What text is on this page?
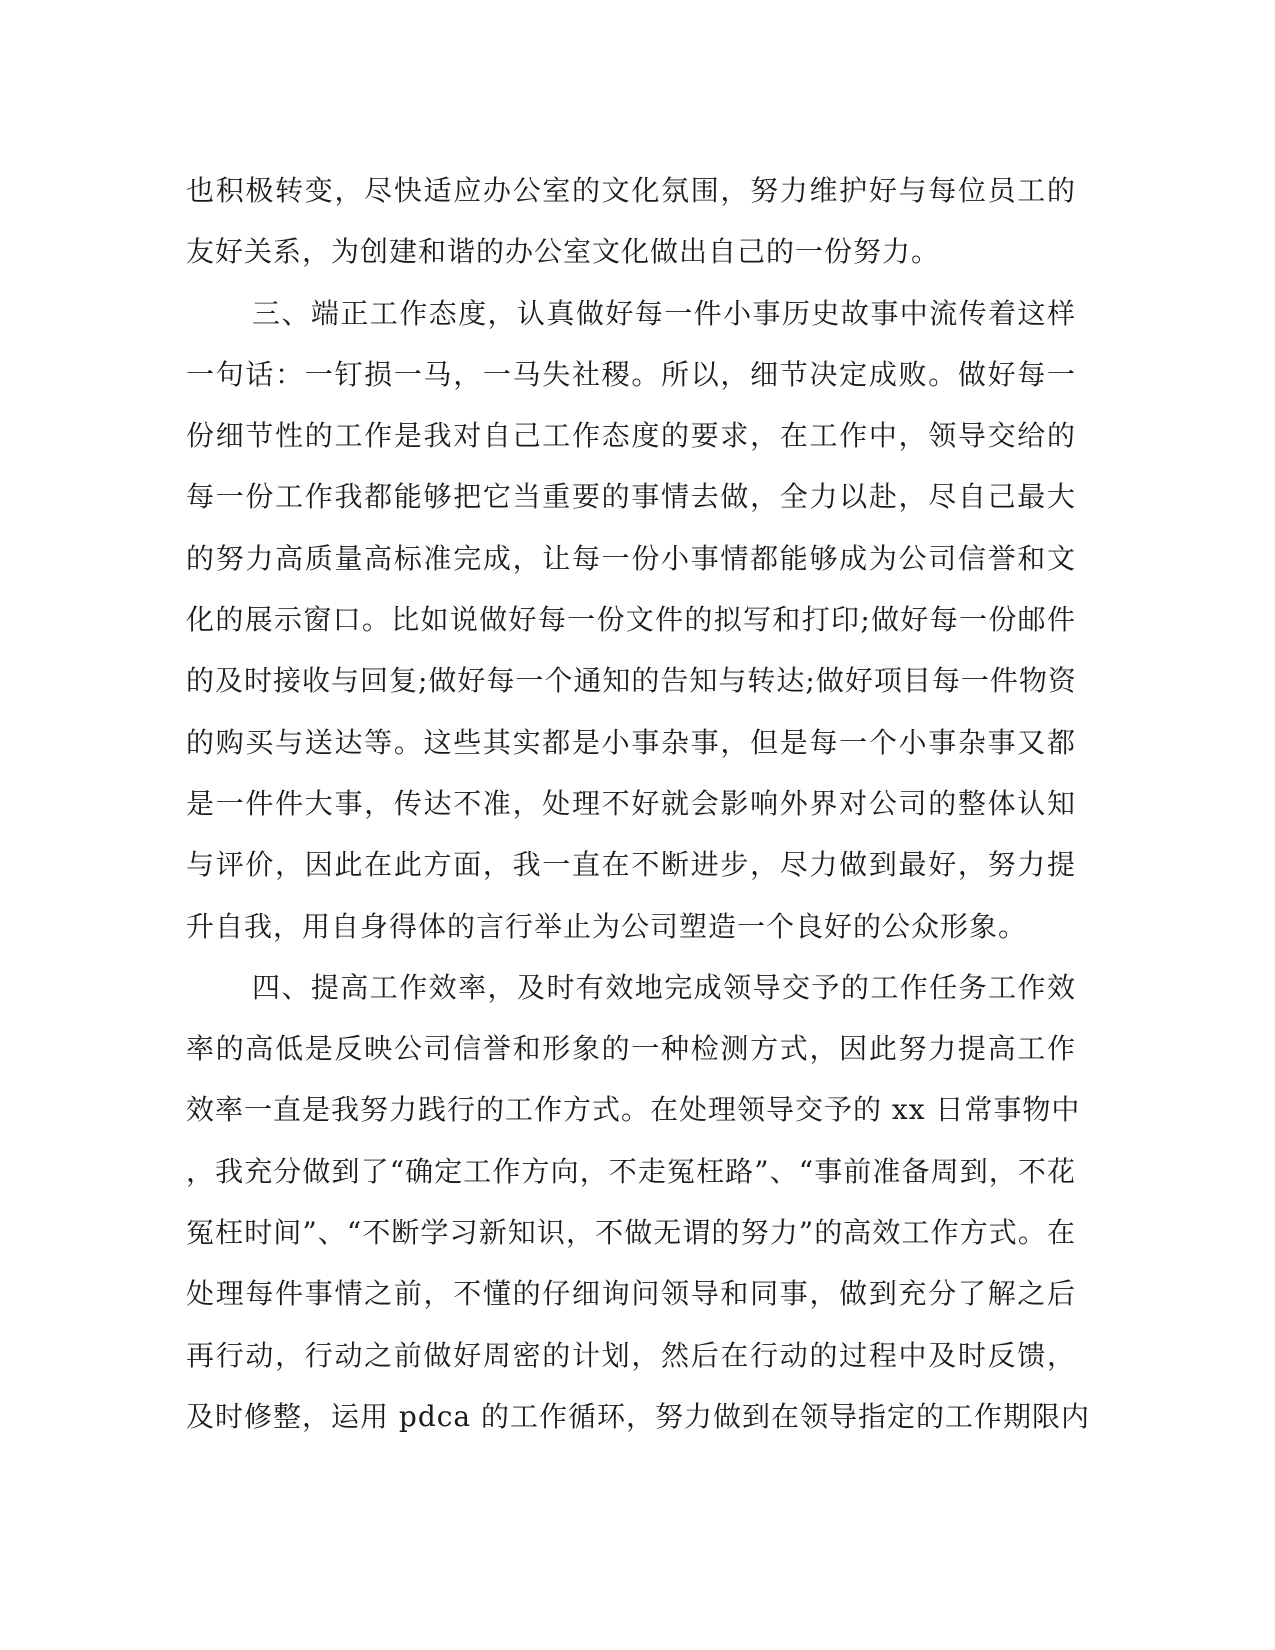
也积极转变，尽快适应办公室的文化氛围，努力维护好与每位员工的
友好关系，为创建和谐的办公室文化做出自己的一份努力。
三、端正工作态度，认真做好每一件小事历史故事中流传着这样
一句话：一钉损一马，一马失社稷。所以，细节决定成败。做好每一
份细节性的工作是我对自己工作态度的要求，在工作中，领导交给的
每一份工作我都能够把它当重要的事情去做，全力以赴，尽自己最大
的努力高质量高标准完成，让每一份小事情都能够成为公司信誉和文
化的展示窗口。比如说做好每一份文件的拟写和打印;做好每一份邮件
的及时接收与回复;做好每一个通知的告知与转达;做好项目每一件物资
的购买与送达等。这些其实都是小事杂事，但是每一个小事杂事又都
是一件件大事，传达不准，处理不好就会影响外界对公司的整体认知
与评价，因此在此方面，我一直在不断进步，尽力做到最好，努力提
升自我，用自身得体的言行举止为公司塑造一个良好的公众形象。
四、提高工作效率，及时有效地完成领导交予的工作任务工作效
率的高低是反映公司信誉和形象的一种检测方式，因此努力提高工作
效率一直是我努力践行的工作方式。在处理领导交予的 xx 日常事物中
，我充分做到了“确定工作方向，不走冤枉路”、“事前准备周到，不花
冤枉时间”、“不断学习新知识，不做无谓的努力”的高效工作方式。在
处理每件事情之前，不懂的仔细询问领导和同事，做到充分了解之后
再行动，行动之前做好周密的计划，然后在行动的过程中及时反馈，
及时修整，运用 pdca 的工作循环，努力做到在领导指定的工作期限内
